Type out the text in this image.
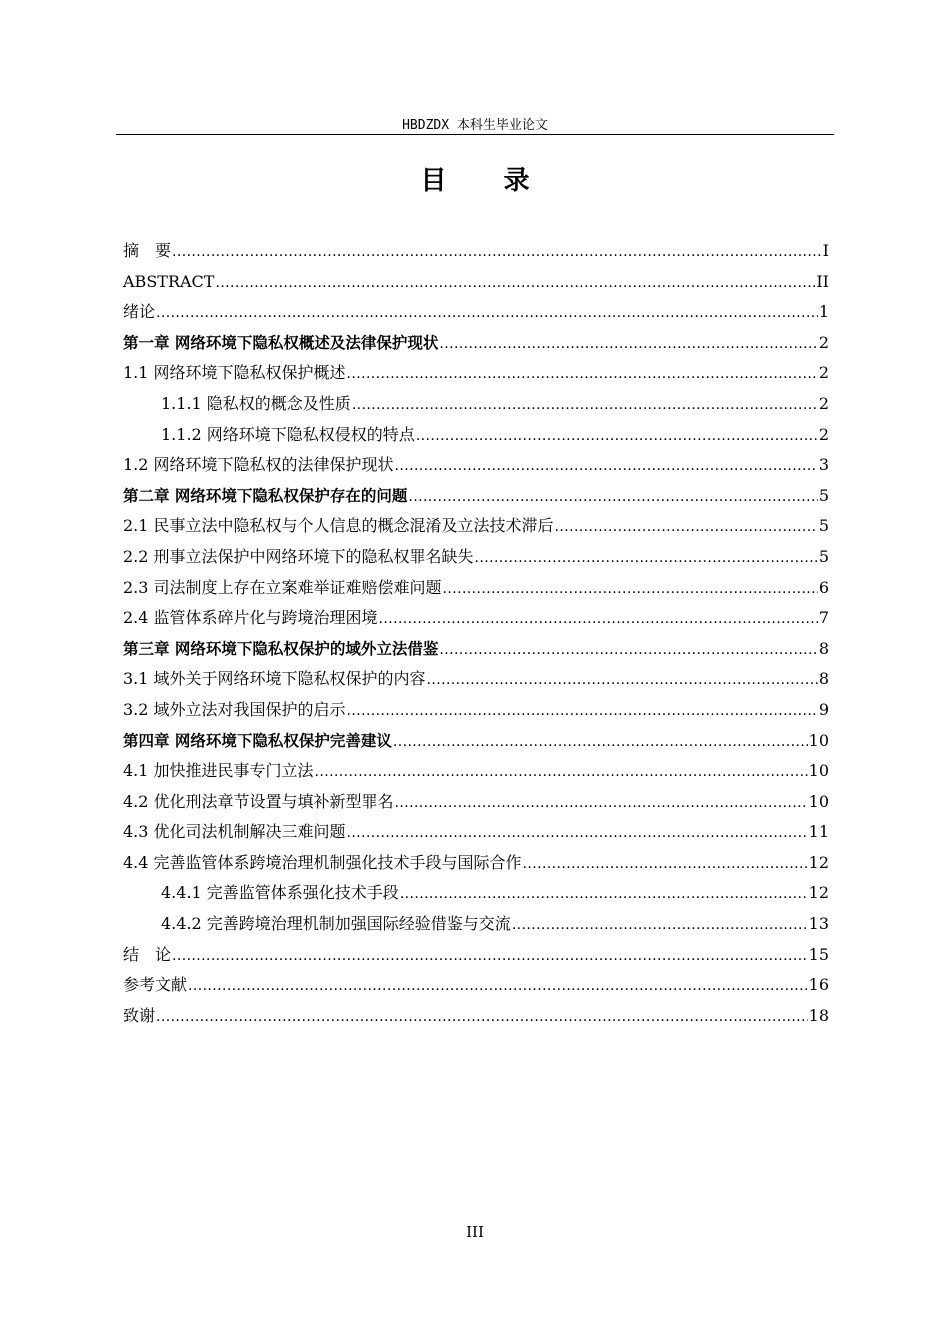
HBDZDX 本科生毕业论文
目 录
摘　要 .....	I
ABSTRACT .....	II
绪论 .....	1
第一章 网络环境下隐私权概述及法律保护现状 .....	2
1.1 网络环境下隐私权保护概述 .....	2
1.1.1 隐私权的概念及性质 .....	2
1.1.2 网络环境下隐私权侵权的特点 .....	2
1.2 网络环境下隐私权的法律保护现状 .....	3
第二章 网络环境下隐私权保护存在的问题 .....	5
2.1 民事立法中隐私权与个人信息的概念混淆及立法技术滞后 .....	5
2.2 刑事立法保护中网络环境下的隐私权罪名缺失 .....	5
2.3 司法制度上存在立案难举证难赔偿难问题 .....	6
2.4 监管体系碎片化与跨境治理困境 .....	7
第三章 网络环境下隐私权保护的域外立法借鉴 .....	8
3.1 域外关于网络环境下隐私权保护的内容 .....	8
3.2 域外立法对我国保护的启示 .....	9
第四章 网络环境下隐私权保护完善建议 .....	10
4.1 加快推进民事专门立法 .....	10
4.2 优化刑法章节设置与填补新型罪名 .....	10
4.3 优化司法机制解决三难问题 .....	11
4.4 完善监管体系跨境治理机制强化技术手段与国际合作 .....	12
4.4.1 完善监管体系强化技术手段 .....	12
4.4.2 完善跨境治理机制加强国际经验借鉴与交流 .....	13
结　论 .....	15
参考文献 .....	16
致谢 .....	18
III
